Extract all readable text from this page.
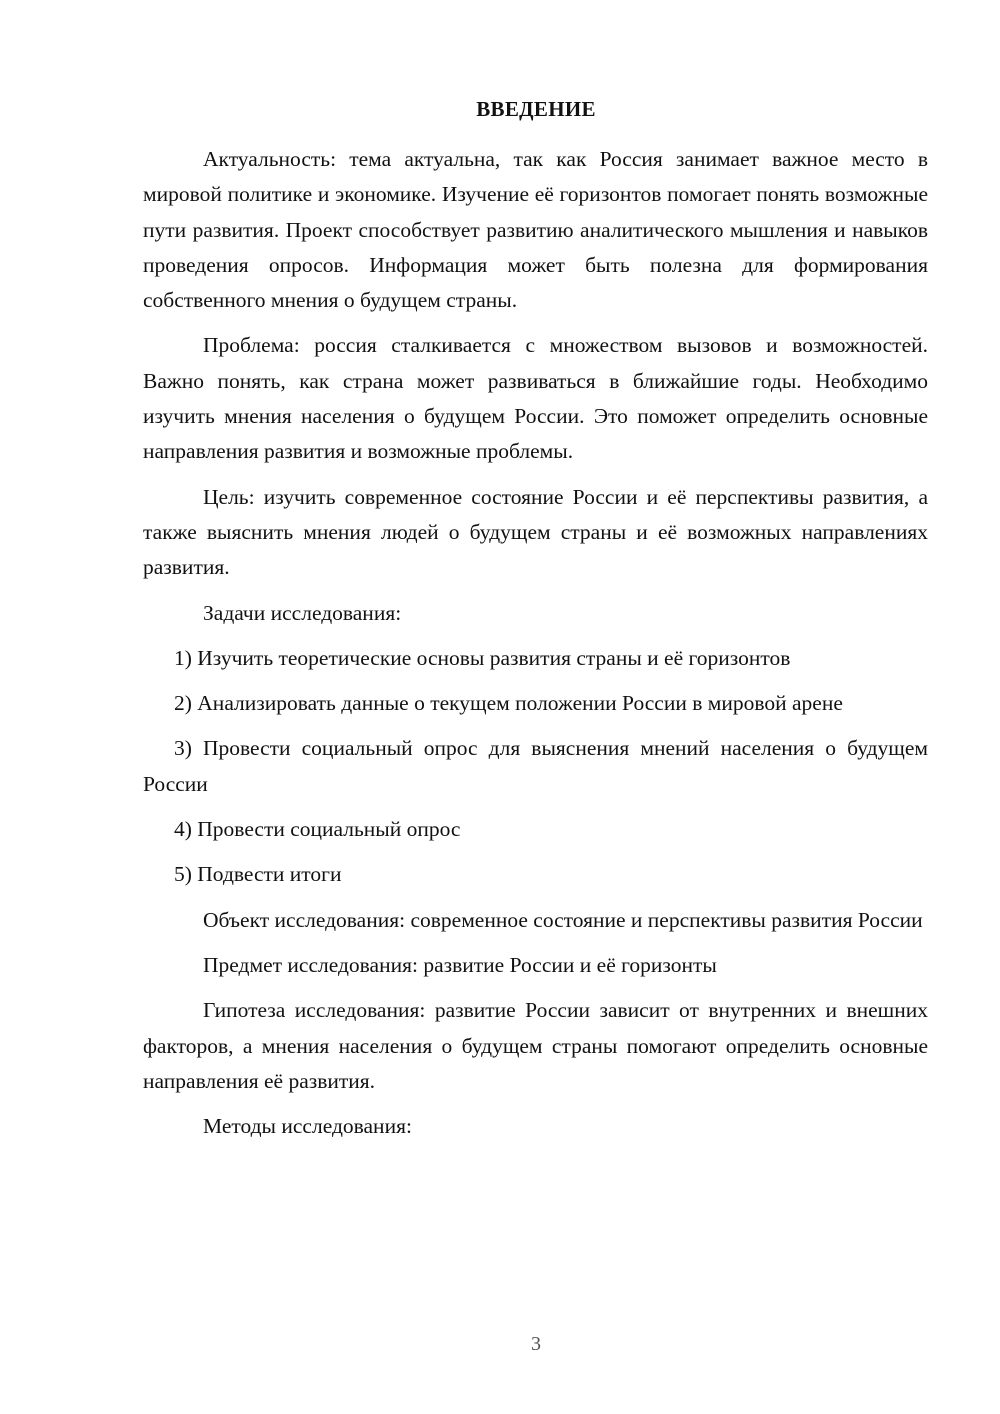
ВВЕДЕНИЕ

Актуальность: тема актуальна, так как Россия занимает важное место в мировой политике и экономике. Изучение её горизонтов помогает понять возможные пути развития. Проект способствует развитию аналитического мышления и навыков проведения опросов. Информация может быть полезна для формирования собственного мнения о будущем страны.

Проблема: россия сталкивается с множеством вызовов и возможностей. Важно понять, как страна может развиваться в ближайшие годы. Необходимо изучить мнения населения о будущем России. Это поможет определить основные направления развития и возможные проблемы.

Цель: изучить современное состояние России и её перспективы развития, а также выяснить мнения людей о будущем страны и её возможных направлениях развития.

Задачи исследования:

1) Изучить теоретические основы развития страны и её горизонтов

2) Анализировать данные о текущем положении России в мировой арене

3) Провести социальный опрос для выяснения мнений населения о будущем России

4) Провести социальный опрос

5) Подвести итоги

Объект исследования: современное состояние и перспективы развития России

Предмет исследования: развитие России и её горизонты

Гипотеза исследования: развитие России зависит от внутренних и внешних факторов, а мнения населения о будущем страны помогают определить основные направления её развития.

Методы исследования:

3
